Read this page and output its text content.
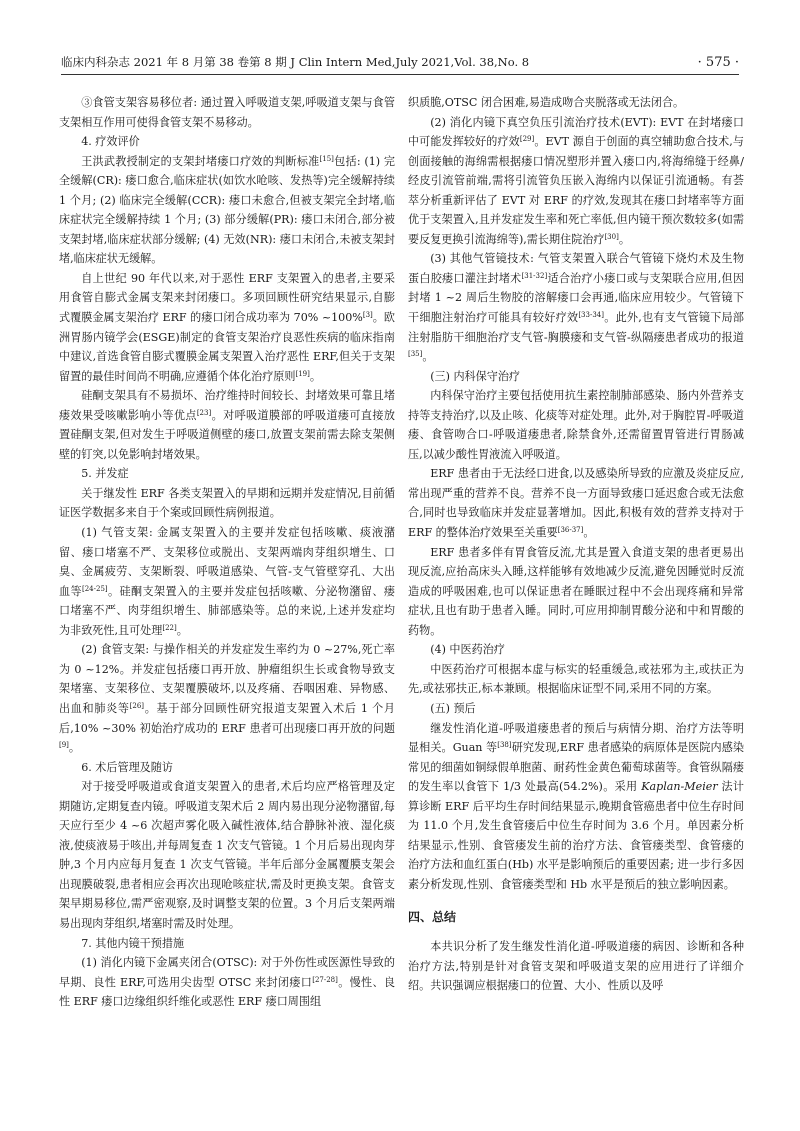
临床内科杂志 2021 年 8 月第 38 卷第 8 期 J Clin Intern Med,July 2021,Vol. 38,No. 8	· 575 ·

③食管支架容易移位者: 通过置入呼吸道支架,呼吸道支架与食管支架相互作用可使得食管支架不易移动。

4. 疗效评价

王洪武教授制定的支架封堵瘘口疗效的判断标准[15]包括: (1) 完全缓解(CR): 瘘口愈合,临床症状(如饮水呛咳、发热等)完全缓解持续 1 个月; (2) 临床完全缓解(CCR): 瘘口未愈合,但被支架完全封堵,临床症状完全缓解持续 1 个月; (3) 部分缓解(PR): 瘘口未闭合,部分被支架封堵,临床症状部分缓解; (4) 无效(NR): 瘘口未闭合,未被支架封堵,临床症状无缓解。

自上世纪 90 年代以来,对于恶性 ERF 支架置入的患者,主要采用食管自膨式金属支架来封闭瘘口。多项回顾性研究结果显示,自膨式覆膜金属支架治疗 ERF 的瘘口闭合成功率为 70% ~100%[3]。欧洲胃肠内镜学会(ESGE)制定的食管支架治疗良恶性疾病的临床指南中建议,首选食管自膨式覆膜金属支架置入治疗恶性 ERF,但关于支架留置的最佳时间尚不明确,应遵循个体化治疗原则[19]。

硅酮支架具有不易损坏、治疗维持时间较长、封堵效果可靠且堵瘘效果受咳嗽影响小等优点[23]。对呼吸道膜部的呼吸道瘘可直接放置硅酮支架,但对发生于呼吸道侧壁的瘘口,放置支架前需去除支架侧壁的钉突,以免影响封堵效果。

5. 并发症

关于继发性 ERF 各类支架置入的早期和远期并发症情况,目前循证医学数据多来自于个案或回顾性病例报道。

(1) 气管支架: 金属支架置入的主要并发症包括咳嗽、痰液潴留、瘘口堵塞不严、支架移位或脱出、支架两端肉芽组织增生、口臭、金属疲劳、支架断裂、呼吸道感染、气管-支气管壁穿孔、大出血等[24-25]。硅酮支架置入的主要并发症包括咳嗽、分泌物潴留、瘘口堵塞不严、肉芽组织增生、肺部感染等。总的来说,上述并发症均为非致死性,且可处理[22]。

(2) 食管支架: 与操作相关的并发症发生率约为 0 ~27%,死亡率为 0 ~12%。并发症包括瘘口再开放、肿瘤组织生长或食物导致支架堵塞、支架移位、支架覆膜破坏,以及疼痛、吞咽困难、异物感、出血和肺炎等[26]。基于部分回顾性研究报道支架置入术后 1 个月后,10% ~30% 初始治疗成功的 ERF 患者可出现瘘口再开放的问题[9]。

6. 术后管理及随访

对于接受呼吸道或食道支架置入的患者,术后均应严格管理及定期随访,定期复查内镜。呼吸道支架术后 2 周内易出现分泌物潴留,每天应行至少 4 ~6 次超声雾化吸入碱性液体,结合静脉补液、湿化痰液,使痰液易于咳出,并每周复查 1 次支气管镜。1 个月后易出现肉芽肿,3 个月内应每月复查 1 次支气管镜。半年后部分金属覆膜支架会出现膜破裂,患者相应会再次出现呛咳症状,需及时更换支架。食管支架早期易移位,需严密观察,及时调整支架的位置。3 个月后支架两端易出现肉芽组织,堵塞时需及时处理。

7. 其他内镜干预措施

(1) 消化内镜下金属夹闭合(OTSC): 对于外伤性或医源性导致的早期、良性 ERF,可选用尖齿型 OTSC 来封闭瘘口[27-28]。慢性、良性 ERF 瘘口边缘组织纤维化或恶性 ERF 瘘口周围组

织质脆,OTSC 闭合困难,易造成吻合夹脱落或无法闭合。

(2) 消化内镜下真空负压引流治疗技术(EVT): EVT 在封堵瘘口中可能发挥较好的疗效[29]。EVT 源自于创面的真空辅助愈合技术,与创面接触的海绵需根据瘘口情况塑形并置入瘘口内,将海绵缝于经鼻/经皮引流管前端,需将引流管负压嵌入海绵内以保证引流通畅。有荟萃分析重新评估了 EVT 对 ERF 的疗效,发现其在瘘口封堵率等方面优于支架置入,且并发症发生率和死亡率低,但内镜干预次数较多(如需要反复更换引流海绵等),需长期住院治疗[30]。

(3) 其他气管镜技术: 气管支架置入联合气管镜下烧灼术及生物蛋白胶瘘口灌注封堵术[31-32]适合治疗小瘘口或与支架联合应用,但因封堵 1 ~2 周后生物胶的溶解瘘口会再通,临床应用较少。气管镜下干细胞注射治疗可能具有较好疗效[33-34]。此外,也有支气管镜下局部注射脂肪干细胞治疗支气管-胸膜瘘和支气管-纵隔瘘患者成功的报道[35]。

(三) 内科保守治疗

内科保守治疗主要包括使用抗生素控制肺部感染、肠内外营养支持等支持治疗,以及止咳、化痰等对症处理。此外,对于胸腔胃-呼吸道瘘、食管吻合口-呼吸道瘘患者,除禁食外,还需留置胃管进行胃肠减压,以减少酸性胃液流入呼吸道。

ERF 患者由于无法经口进食,以及感染所导致的应激及炎症反应,常出现严重的营养不良。营养不良一方面导致瘘口延迟愈合或无法愈合,同时也导致临床并发症显著增加。因此,积极有效的营养支持对于 ERF 的整体治疗效果至关重要[36-37]。

ERF 患者多伴有胃食管反流,尤其是置入食道支架的患者更易出现反流,应抬高床头入睡,这样能够有效地减少反流,避免因睡觉时反流造成的呼吸困难,也可以保证患者在睡眠过程中不会出现疼痛和异常症状,且也有助于患者入睡。同时,可应用抑制胃酸分泌和中和胃酸的药物。

(4) 中医药治疗

中医药治疗可根据本虚与标实的轻重缓急,或祛邪为主,或扶正为先,或祛邪扶正,标本兼顾。根据临床证型不同,采用不同的方案。

(五) 预后

继发性消化道-呼吸道瘘患者的预后与病情分期、治疗方法等明显相关。Guan 等[38]研究发现,ERF 患者感染的病原体是医院内感染常见的细菌如铜绿假单胞菌、耐药性金黄色葡萄球菌等。食管纵隔瘘的发生率以食管下 1/3 处最高(54.2%)。采用 Kaplan-Meier 法计算诊断 ERF 后平均生存时间结果显示,晚期食管癌患者中位生存时间为 11.0 个月,发生食管瘘后中位生存时间为 3.6 个月。单因素分析结果显示,性别、食管瘘发生前的治疗方法、食管瘘类型、食管瘘的治疗方法和血红蛋白(Hb) 水平是影响预后的重要因素; 进一步行多因素分析发现,性别、食管瘘类型和 Hb 水平是预后的独立影响因素。

四、总结

本共识分析了发生继发性消化道-呼吸道瘘的病因、诊断和各种治疗方法,特别是针对食管支架和呼吸道支架的应用进行了详细介绍。共识强调应根据瘘口的位置、大小、性质以及呼
